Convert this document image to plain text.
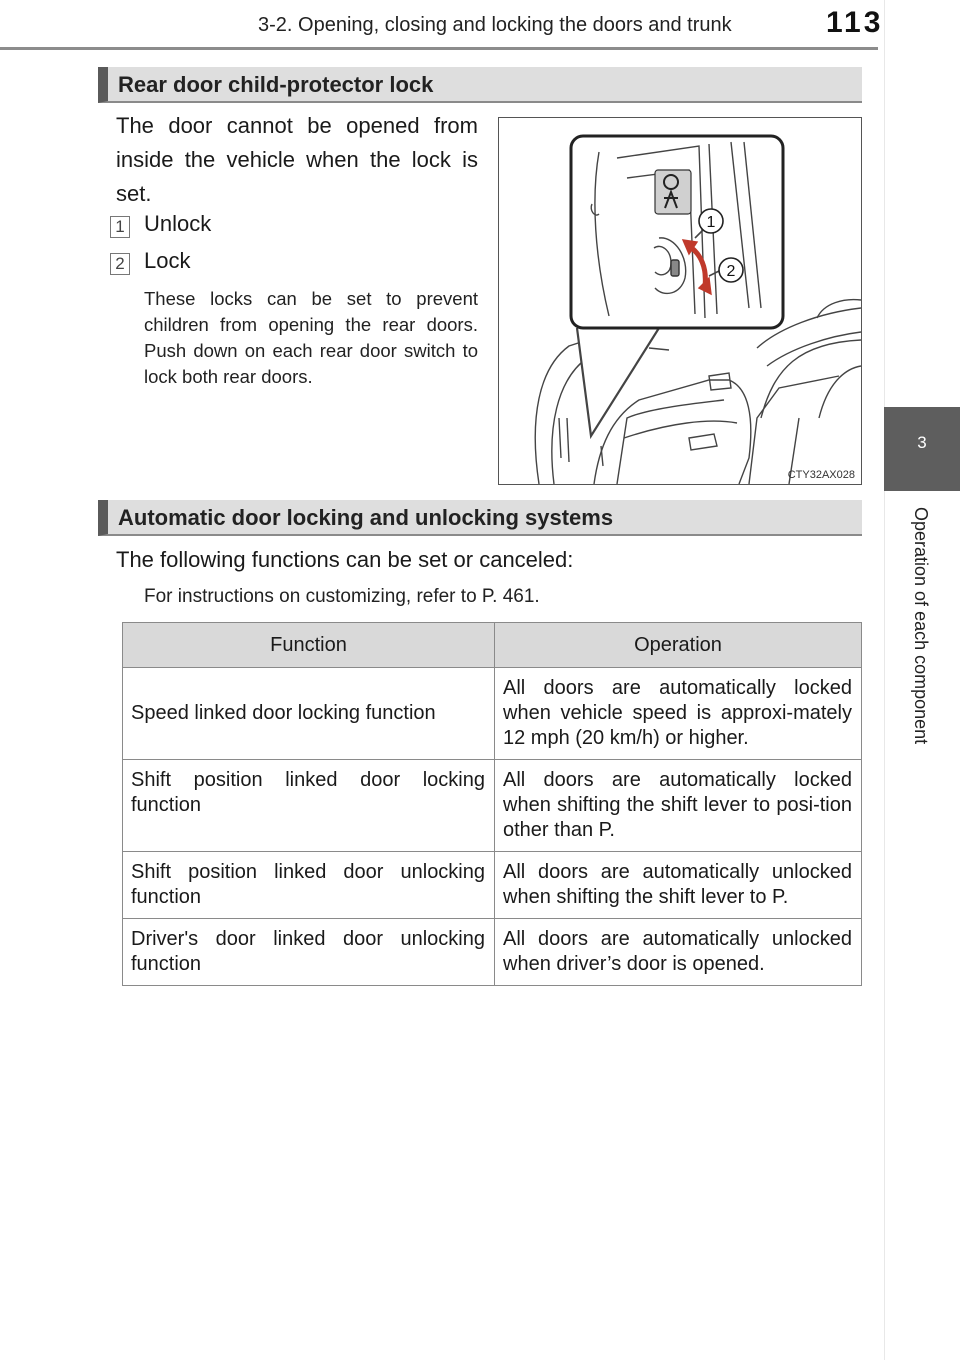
3-2. Opening, closing and locking the doors and trunk	113
3
Operation of each component
Rear door child-protector lock
The door cannot be opened from inside the vehicle when the lock is set.
1 Unlock
2 Lock
These locks can be set to prevent children from opening the rear doors. Push down on each rear door switch to lock both rear doors.
1
2
CTY32AX028
Automatic door locking and unlocking systems
The following functions can be set or canceled:
For instructions on customizing, refer to P. 461.
Function	Operation
Speed linked door locking function	All doors are automatically locked when vehicle speed is approxi-mately 12 mph (20 km/h) or higher.
Shift position linked door locking function	All doors are automatically locked when shifting the shift lever to posi-tion other than P.
Shift position linked door unlocking function	All doors are automatically unlocked when shifting the shift lever to P.
Driver's door linked door unlocking function	All doors are automatically unlocked when driver’s door is opened.
